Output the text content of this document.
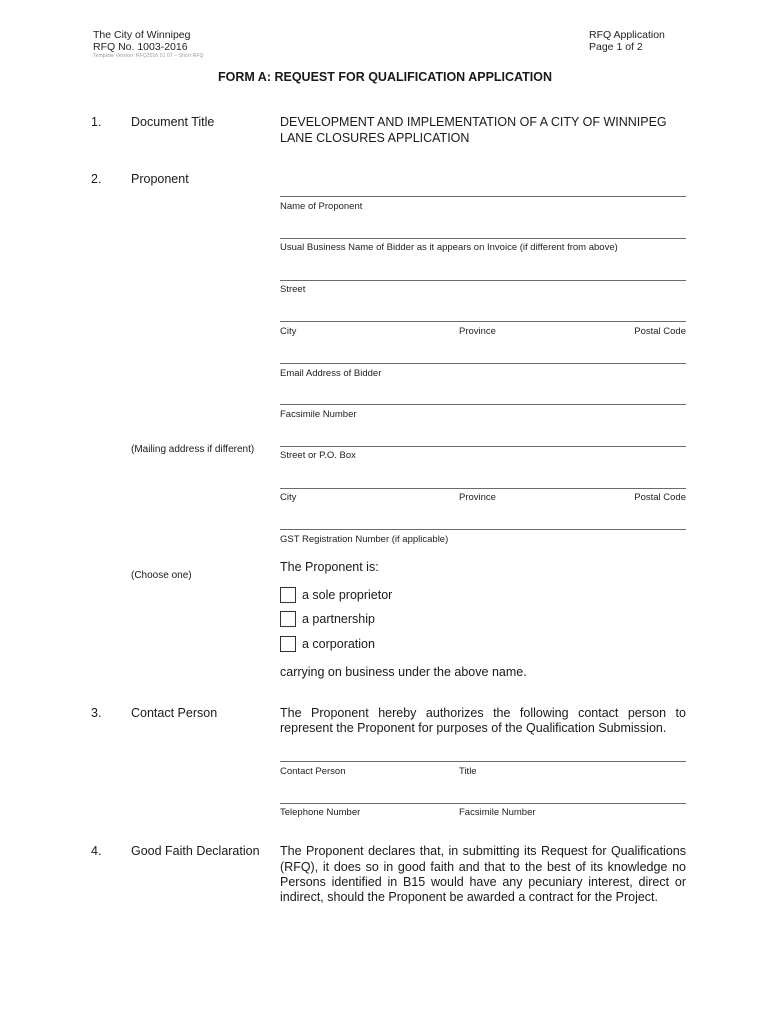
The City of Winnipeg
RFQ No. 1003-2016
Template Version: RFQ2016 01 07 – Short RFQ
RFQ Application
Page 1 of 2
FORM A: REQUEST FOR QUALIFICATION APPLICATION
1. Document Title	DEVELOPMENT AND IMPLEMENTATION OF A CITY OF WINNIPEG
LANE CLOSURES APPLICATION
2. Proponent
Name of Proponent
Usual Business Name of Bidder as it appears on Invoice (if different from above)
Street
City	Province	Postal Code
Email Address of Bidder
Facsimile Number
(Mailing address if different)
Street or P.O. Box
City	Province	Postal Code
GST Registration Number (if applicable)
(Choose one)
The Proponent is:
a sole proprietor
a partnership
a corporation
carrying on business under the above name.
3. Contact Person	The Proponent hereby authorizes the following contact person to
represent the Proponent for purposes of the Qualification Submission.
Contact Person	Title
Telephone Number	Facsimile Number
4. Good Faith Declaration The Proponent declares that, in submitting its Request for Qualifications
(RFQ), it does so in good faith and that to the best of its knowledge no
Persons identified in B15 would have any pecuniary interest, direct or
indirect, should the Proponent be awarded a contract for the Project.
